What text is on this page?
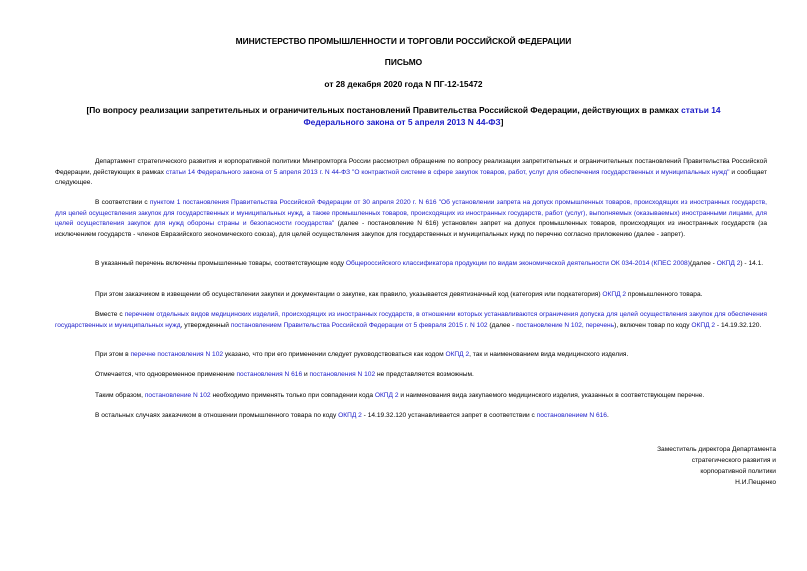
МИНИСТЕРСТВО ПРОМЫШЛЕННОСТИ И ТОРГОВЛИ РОССИЙСКОЙ ФЕДЕРАЦИИ
ПИСЬМО
от 28 декабря 2020 года N ПГ-12-15472
[По вопросу реализации запретительных и ограничительных постановлений Правительства Российской Федерации, действующих в рамках статьи 14 Федерального закона от 5 апреля 2013 N 44-ФЗ]

Департамент стратегического развития и корпоративной политики Минпромторга России рассмотрел обращение по вопросу реализации запретительных и ограничительных постановлений Правительства Российской Федерации, действующих в рамках статьи 14 Федерального закона от 5 апреля 2013 г. N 44-ФЗ "О контрактной системе в сфере закупок товаров, работ, услуг для обеспечения государственных и муниципальных нужд" и сообщает следующее.

В соответствии с пунктом 1 постановления Правительства Российской Федерации от 30 апреля 2020 г. N 616 "Об установлении запрета на допуск промышленных товаров, происходящих из иностранных государств, для целей осуществления закупок для государственных и муниципальных нужд, а также промышленных товаров, происходящих из иностранных государств, работ (услуг), выполняемых (оказываемых) иностранными лицами, для целей осуществления закупок для нужд обороны страны и безопасности государства" (далее - постановление N 616) установлен запрет на допуск промышленных товаров, происходящих из иностранных государств (за исключением государств - членов Евразийского экономического союза), для целей осуществления закупок для государственных и муниципальных нужд по перечню согласно приложению (далее - запрет).

В указанный перечень включены промышленные товары, соответствующие коду Общероссийского классификатора продукции по видам экономической деятельности ОК 034-2014 (КПЕС 2008)(далее - ОКПД 2) - 14.1.

При этом заказчиком в извещении об осуществлении закупки и документации о закупке, как правило, указывается девятизначный код (категория или подкатегория) ОКПД 2 промышленного товара.

Вместе с перечнем отдельных видов медицинских изделий, происходящих из иностранных государств, в отношении которых устанавливаются ограничения допуска для целей осуществления закупок для обеспечения государственных и муниципальных нужд, утвержденный постановлением Правительства Российской Федерации от 5 февраля 2015 г. N 102 (далее - постановление N 102, перечень), включен товар по коду ОКПД 2 - 14.19.32.120.

При этом в перечне постановления N 102 указано, что при его применении следует руководствоваться как кодом ОКПД 2, так и наименованием вида медицинского изделия.

Отмечается, что одновременное применение постановления N 616 и постановления N 102 не представляется возможным.

Таким образом, постановление N 102 необходимо применять только при совпадении кода ОКПД 2 и наименования вида закупаемого медицинского изделия, указанных в соответствующем перечне.

В остальных случаях заказчиком в отношении промышленного товара по коду ОКПД 2 - 14.19.32.120 устанавливается запрет в соответствии с постановлением N 616.

Заместитель директора Департамента
стратегического развития и
корпоративной политики
Н.И.Пещенко
